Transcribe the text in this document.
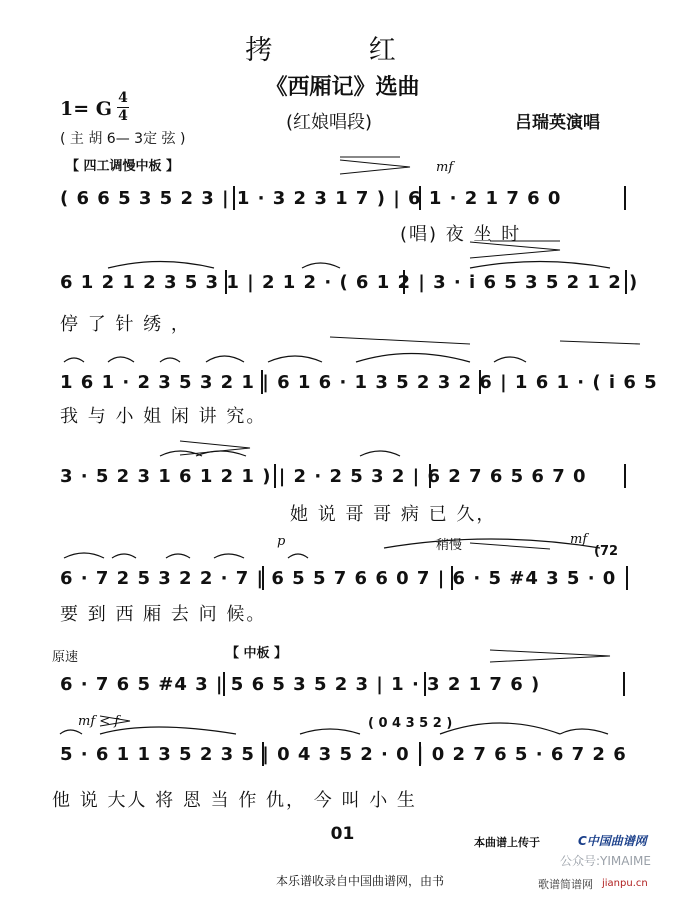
拷 红
《西厢记》选曲
1= G 4
4	(红娘唱段)	吕瑞英演唱
( 主 胡 6— 3定 弦 )
【 四工调慢中板 】
( 6 6 5 3 5 2 3 | 1 · 3 2 3 1 7 ) | 6 1 · 2 1 7 6 0
(唱) 夜 坐 时
mf
6 1 2 1 2 3 5 3 1 | 2 1 2 · ( 6 1 2 | 3 · i 6 5 3 5 2 1 2 )
停 了 针 绣 ，
1 6 1 · 2 3 5 3 2 1 | 6 1 6 · 1 3 5 2 3 2 6 | 1 6 1 · ( i 6 5
我 与 小 姐 闲 讲 究。
3 · 5 2 3 1 6 1 2 1 ) | 2 · 2 5 3 2 | 6 2 7 6 5 6 7 0
她 说 哥 哥 病 已 久，
6 · 7 2 5 3 2 2 · 7 | 6 5 5 7 6 6 0 7 | 6 · 5 #4 3 5 · 0
要 到 西 厢 去 问 候。
p	稍慢	mf
(72
原速	【 中板 】
6 · 7 6 5 #4 3 | 5 6 5 3 5 2 3 | 1 · 3 2 1 7 6 )
5 · 6 1 1 3 5 2 3 5 | 0 4 3 5 2 · 0 | 0 2 7 6 5 · 6 7 2 6
他 说 大人 将 恩 当 作 仇， 今 叫 小 生
mf < f	( 0 4 3 5 2 )
01	本曲谱上传于	C中国曲谱网
本乐谱收录自中国曲谱网，由书
公众号:YIMAIME
歌谱简谱网 jianpu.cn
